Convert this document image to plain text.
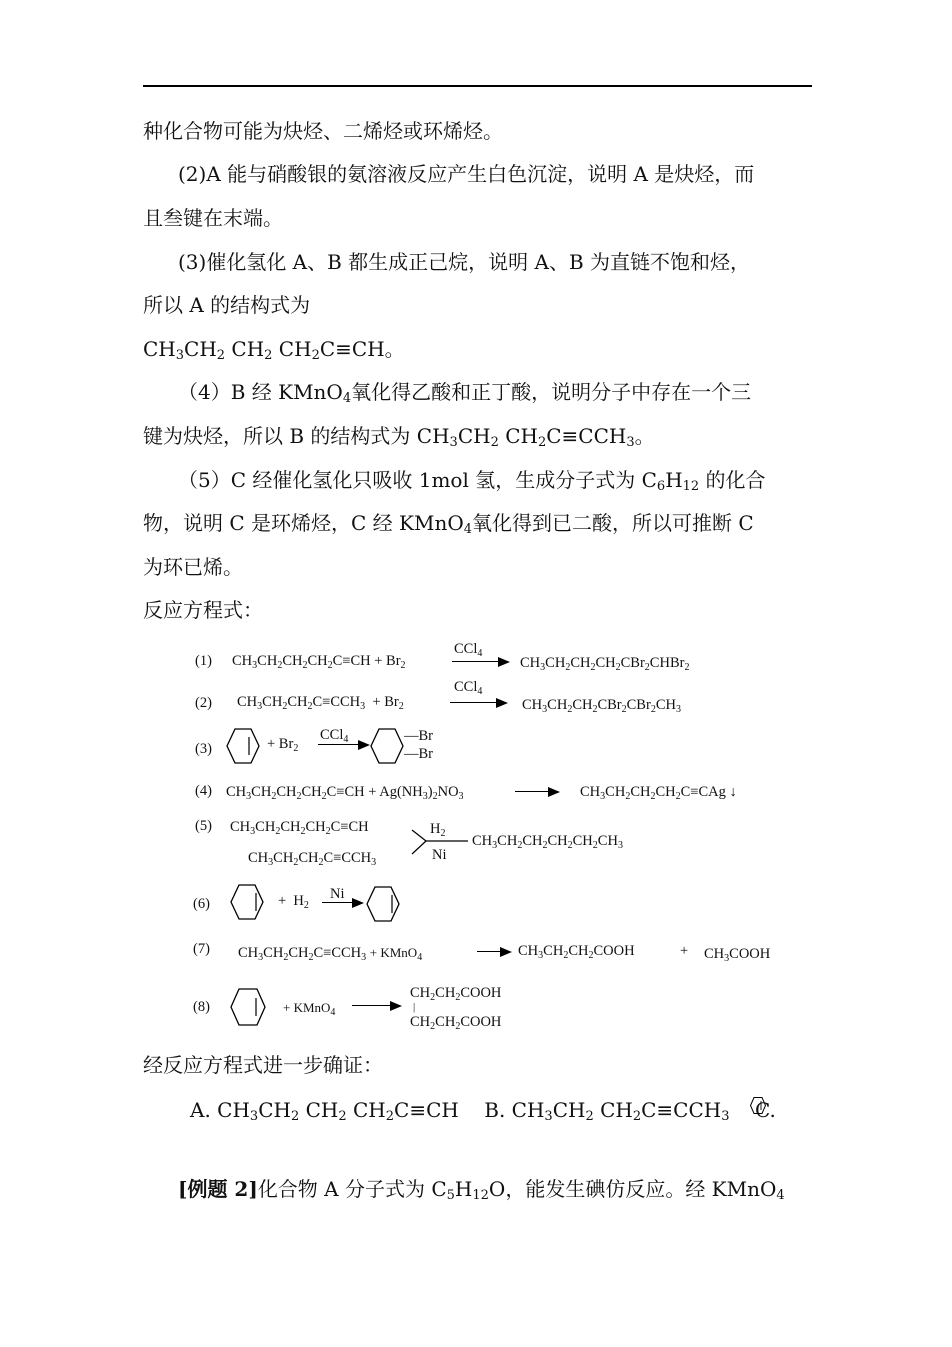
种化合物可能为炔烃、二烯烃或环烯烃。
(2)A 能与硝酸银的氨溶液反应产生白色沉淀，说明 A 是炔烃，而
且叁键在末端。
(3)催化氢化 A、B 都生成正己烷，说明 A、B 为直链不饱和烃，
所以 A 的结构式为
$CH_3CH_2$ $CH_2$ $CH_2C\equiv CH$。
（4）B 经 KMnO$_4$氧化得乙酸和正丁酸，说明分子中存在一个三
键为炔烃，所以 B 的结构式为 $CH_3CH_2$ $CH_2C\equiv CCH_3$。
（5）C 经催化氢化只吸收 1mol 氢，生成分子式为 $C_6H_{12}$ 的化合
物，说明 C 是环烯烃，C 经 KMnO$_4$氧化得到已二酸，所以可推断 C
为环已烯。
反应方程式：
(1) $CH_3CH_2CH_2CH_2C\equiv CH + Br_2$
CCl$_4$
$CH_3CH_2CH_2CH_2CBr_2CHBr_2$
(2) $CH_3CH_2CH_2C\equiv CCH_3 + Br_2$
CCl$_4$
$CH_3CH_2CH_2CBr_2CBr_2CH_3$
(3)	+ $Br_2$
CCl$_4$	—Br
—Br
(4) $CH_3CH_2CH_2CH_2C\equiv CH + Ag(NH_3)_2NO_3$	$CH_3CH_2CH_2CH_2C\equiv CAg$ ↓
(5) $CH_3CH_2CH_2CH_2C\equiv CH$
$CH_3CH_2CH_2C\equiv CCH_3$
$H_2$
Ni
$CH_3CH_2CH_2CH_2CH_2CH_3$
(6)	+  $H_2$
Ni
(7) $CH_3CH_2CH_2C\equiv CCH_3$ + KMnO$_4$	$CH_3CH_2CH_2COOH$	+ $CH_3COOH$
(8)	+ KMnO$_4$
$CH_2CH_2COOH$
|
$CH_2CH_2COOH$
经反应方程式进一步确证：
A. $CH_3CH_2$ $CH_2$ $CH_2C\equiv CH$    B. $CH_3CH_2$ $CH_2C\equiv CCH_3$ C.
[例题 2]化合物 A 分子式为 $C_5H_{12}O$，能发生碘仿反应。经 KMnO$_4$
